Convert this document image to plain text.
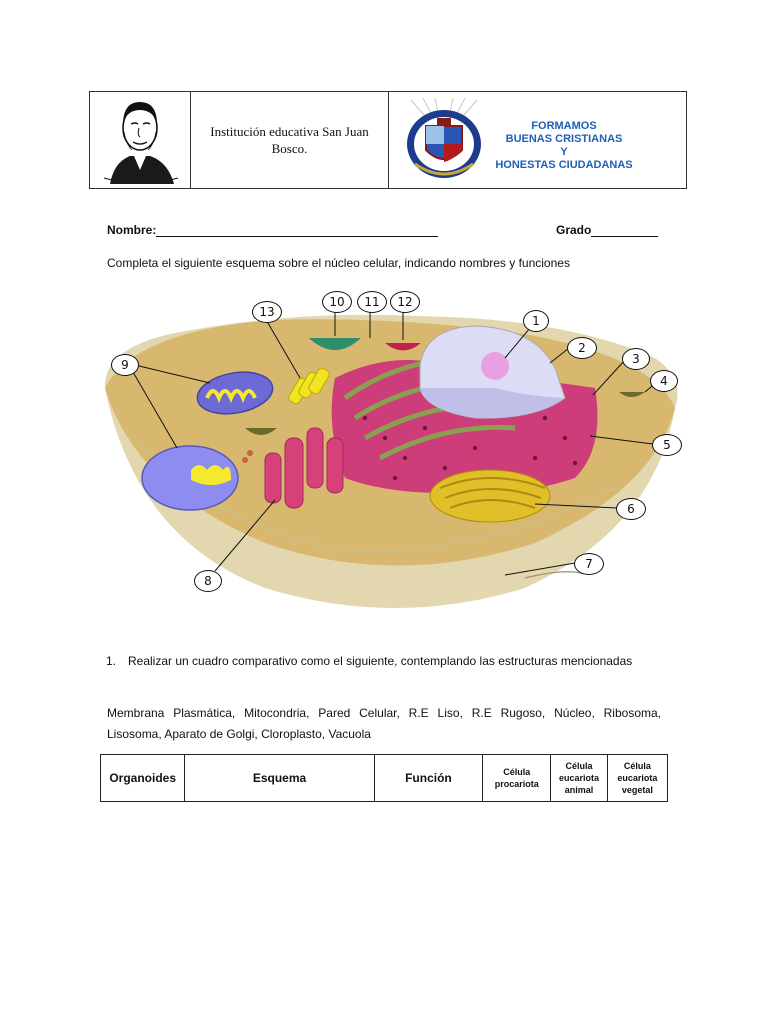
Institución educativa San Juan Bosco.
FORMAMOS
BUENAS CRISTIANAS
Y
HONESTAS CIUDADANAS
Nombre:	Grado
Completa el siguiente esquema sobre el núcleo celular, indicando nombres y funciones
1
2
3
4
5
6
7
8
9
10	11	12
13
1. Realizar un cuadro comparativo como el siguiente, contemplando las estructuras mencionadas
Membrana Plasmática, Mitocondria, Pared Celular, R.E Liso, R.E Rugoso, Núcleo, Ribosoma, Lisosoma, Aparato de Golgi, Cloroplasto, Vacuola
Organoides	Esquema	Función	Célula procariota	Célula eucariota animal	Célula eucariota vegetal
